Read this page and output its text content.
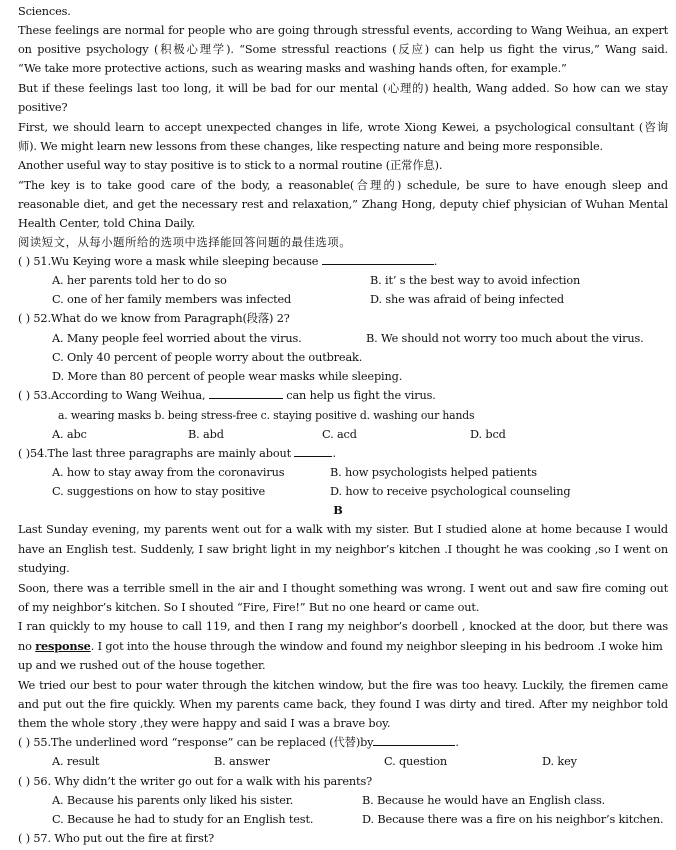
Sciences.
These feelings are normal for people who are going through stressful events, according to Wang Weihua, an expert
on positive psychology (积极心理学). “Some stressful reactions (反应) can help us fight the virus,” Wang said.
“We take more protective actions, such as wearing masks and washing hands often, for example.”
But if these feelings last too long, it will be bad for our mental (心理的) health, Wang added. So how can we stay
positive?
First, we should learn to accept unexpected changes in life, wrote Xiong Kewei, a psychological consultant (咨询
师). We might learn new lessons from these changes, like respecting nature and being more responsible.
Another useful way to stay positive is to stick to a normal routine (正常作息).
“The key is to take good care of the body, a reasonable(合理的) schedule, be sure to have enough sleep and
reasonable diet, and get the necessary rest and relaxation,” Zhang Hong, deputy chief physician of Wuhan Mental
Health Center, told China Daily.
阅读短文，从每小题所给的选项中选择能回答问题的最佳选项。
( ) 51.Wu Keying wore a mask while sleeping because	.
A. her parents told her to do so	B. it’ s the best way to avoid infection
C. one of her family members was infected	D. she was afraid of being infected
( ) 52.What do we know from Paragraph(段落) 2?
A. Many people feel worried about the virus.	B. We should not worry too much about the virus.
C. Only 40 percent of people worry about the outbreak.
D. More than 80 percent of people wear masks while sleeping.
( ) 53.According to Wang Weihua,	can help us fight the virus.
a. wearing masks b. being stress-free c. staying positive d. washing our hands
A. abc	B. abd	C. acd	D. bcd
( )54.The last three paragraphs are mainly about	.
A. how to stay away from the coronavirus	B. how psychologists helped patients
C. suggestions on how to stay positive	D. how to receive psychological counseling
B
Last Sunday evening, my parents went out for a walk with my sister. But I studied alone at home because I would
have an English test. Suddenly, I saw bright light in my neighbor’s kitchen .I thought he was cooking ,so I went on
studying.
Soon, there was a terrible smell in the air and I thought something was wrong. I went out and saw fire coming out
of my neighbor’s kitchen. So I shouted “Fire, Fire!” But no one heard or came out.
I ran quickly to my house to call 119, and then I rang my neighbor’s doorbell , knocked at the door, but there was
no response. I got into the house through the window and found my neighbor sleeping in his bedroom .I woke him
up and we rushed out of the house together.
We tried our best to pour water through the kitchen window, but the fire was too heavy. Luckily, the firemen came
and put out the fire quickly. When my parents came back, they found I was dirty and tired. After my neighbor told
them the whole story ,they were happy and said I was a brave boy.
( ) 55.The underlined word “response” can be replaced (代替)by	.
A. result	B. answer	C. question	D. key
( ) 56. Why didn’t the writer go out for a walk with his parents?
A. Because his parents only liked his sister.	B. Because he would have an English class.
C. Because he had to study for an English test.	D. Because there was a fire on his neighbor’s kitchen.
( ) 57. Who put out the fire at first?
